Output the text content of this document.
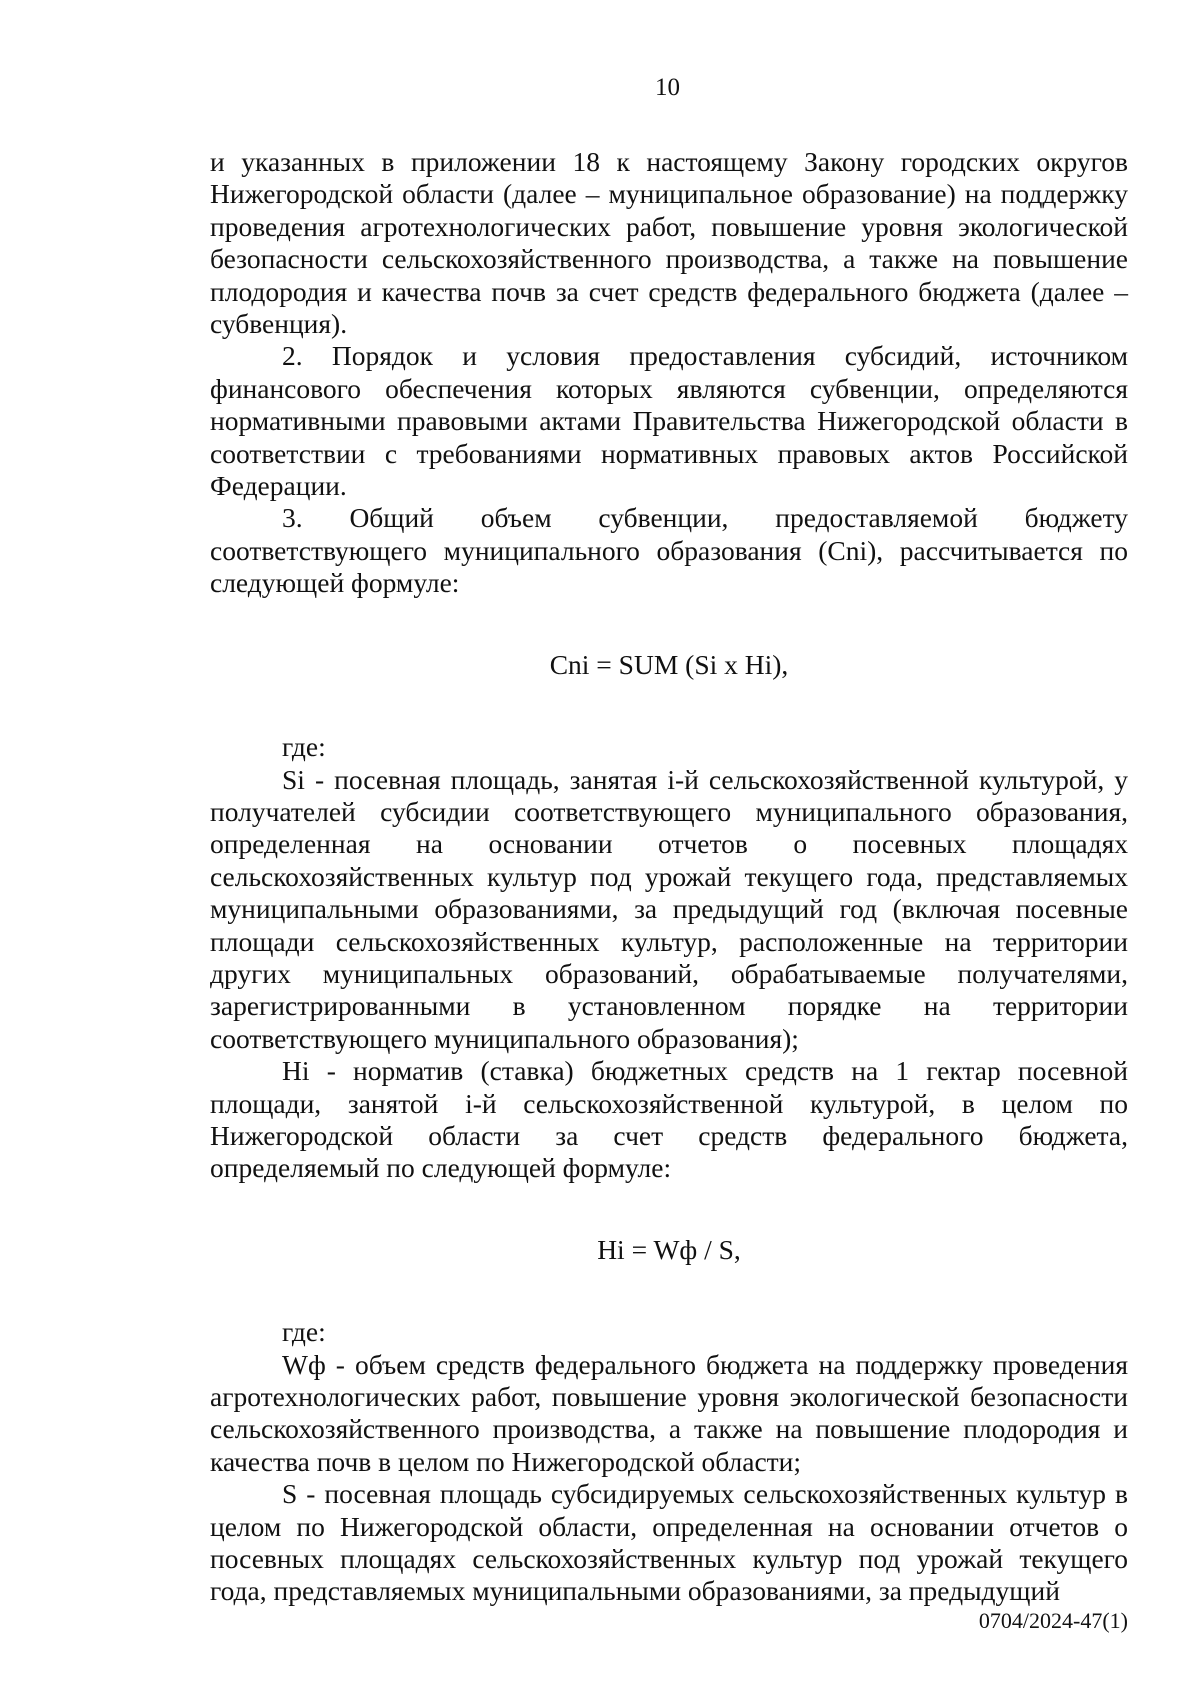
10

и указанных в приложении 18 к настоящему Закону городских округов Нижегородской области (далее – муниципальное образование) на поддержку проведения агротехнологических работ, повышение уровня экологической безопасности сельскохозяйственного производства, а также на повышение плодородия и качества почв за счет средств федерального бюджета (далее – субвенция).

2. Порядок и условия предоставления субсидий, источником финансового обеспечения которых являются субвенции, определяются нормативными правовыми актами Правительства Нижегородской области в соответствии с требованиями нормативных правовых актов Российской Федерации.

3. Общий объем субвенции, предоставляемой бюджету соответствующего муниципального образования (Cni), рассчитывается по следующей формуле:

Cni = SUM (Si x Hi),

где:

Si - посевная площадь, занятая i-й сельскохозяйственной культурой, у получателей субсидии соответствующего муниципального образования, определенная на основании отчетов о посевных площадях сельскохозяйственных культур под урожай текущего года, представляемых муниципальными образованиями, за предыдущий год (включая посевные площади сельскохозяйственных культур, расположенные на территории других муниципальных образований, обрабатываемые получателями, зарегистрированными в установленном порядке на территории соответствующего муниципального образования);

Hi - норматив (ставка) бюджетных средств на 1 гектар посевной площади, занятой i-й сельскохозяйственной культурой, в целом по Нижегородской области за счет средств федерального бюджета, определяемый по следующей формуле:

Hi = Wф / S,

где:

Wф - объем средств федерального бюджета на поддержку проведения агротехнологических работ, повышение уровня экологической безопасности сельскохозяйственного производства, а также на повышение плодородия и качества почв в целом по Нижегородской области;

S - посевная площадь субсидируемых сельскохозяйственных культур в целом по Нижегородской области, определенная на основании отчетов о посевных площадях сельскохозяйственных культур под урожай текущего года, представляемых муниципальными образованиями, за предыдущий

0704/2024-47(1)
